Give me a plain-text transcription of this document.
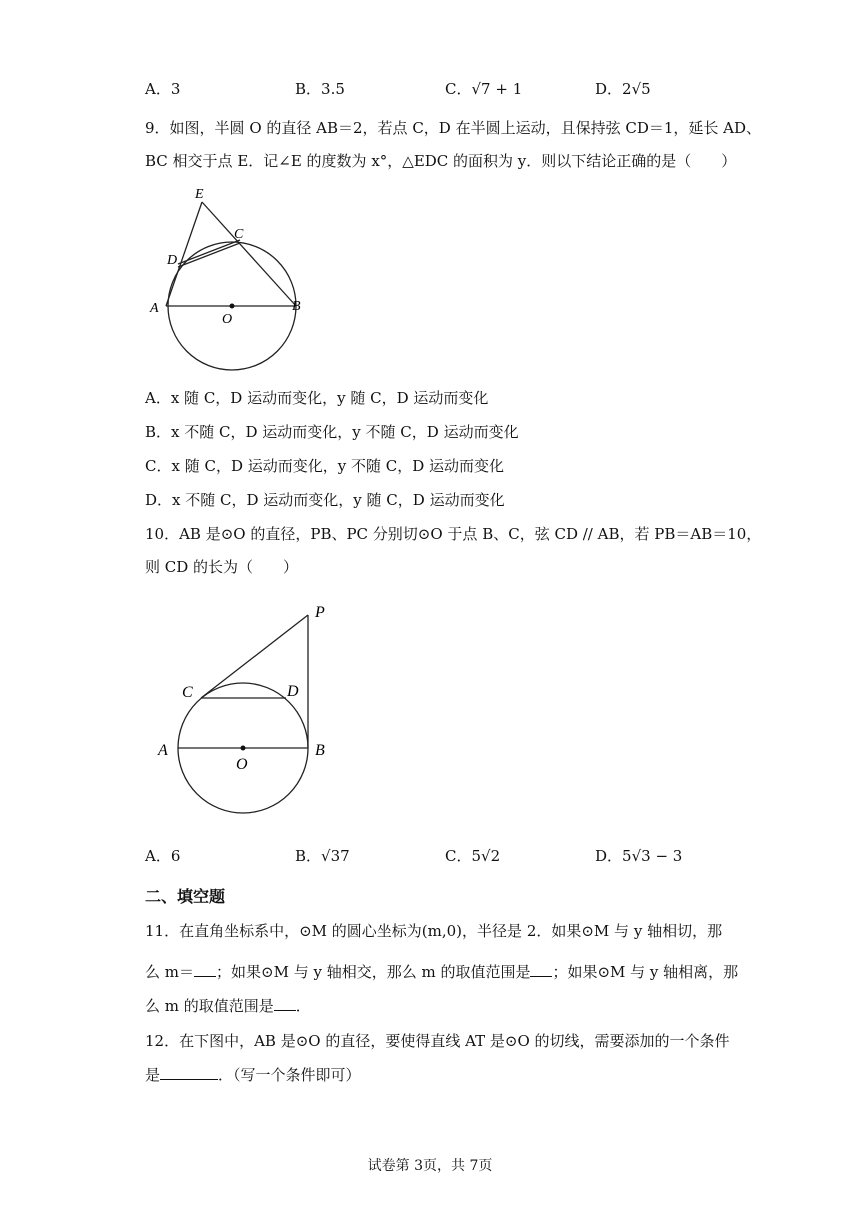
A．3	B．3.5	C．√7 + 1	D．2√5
9．如图，半圆 O 的直径 AB＝2，若点 C，D 在半圆上运动，且保持弦 CD＝1，延长 AD、
BC 相交于点 E．记∠E 的度数为 x°，△EDC 的面积为 y．则以下结论正确的是（　　）
E
C
D
A
O
B
A．x 随 C，D 运动而变化，y 随 C，D 运动而变化
B．x 不随 C，D 运动而变化，y 不随 C，D 运动而变化
C．x 随 C，D 运动而变化，y 不随 C，D 运动而变化
D．x 不随 C，D 运动而变化，y 随 C，D 运动而变化
10．AB 是⊙O 的直径，PB、PC 分别切⊙O 于点 B、C，弦 CD // AB，若 PB＝AB＝10，
则 CD 的长为（　　）
P
C	D
A
O
B
A．6	B．√37	C．5√2	D．5√3 − 3
二、填空题
11．在直角坐标系中，⊙M 的圆心坐标为(m,0)，半径是 2．如果⊙M 与 y 轴相切，那
么 m＝ ；如果⊙M 与 y 轴相交，那么 m 的取值范围是 ；如果⊙M 与 y 轴相离，那
么 m 的取值范围是 ．
12．在下图中，AB 是⊙O 的直径，要使得直线 AT 是⊙O 的切线，需要添加的一个条件
是	．（写一个条件即可）
试卷第 3页，共 7页
